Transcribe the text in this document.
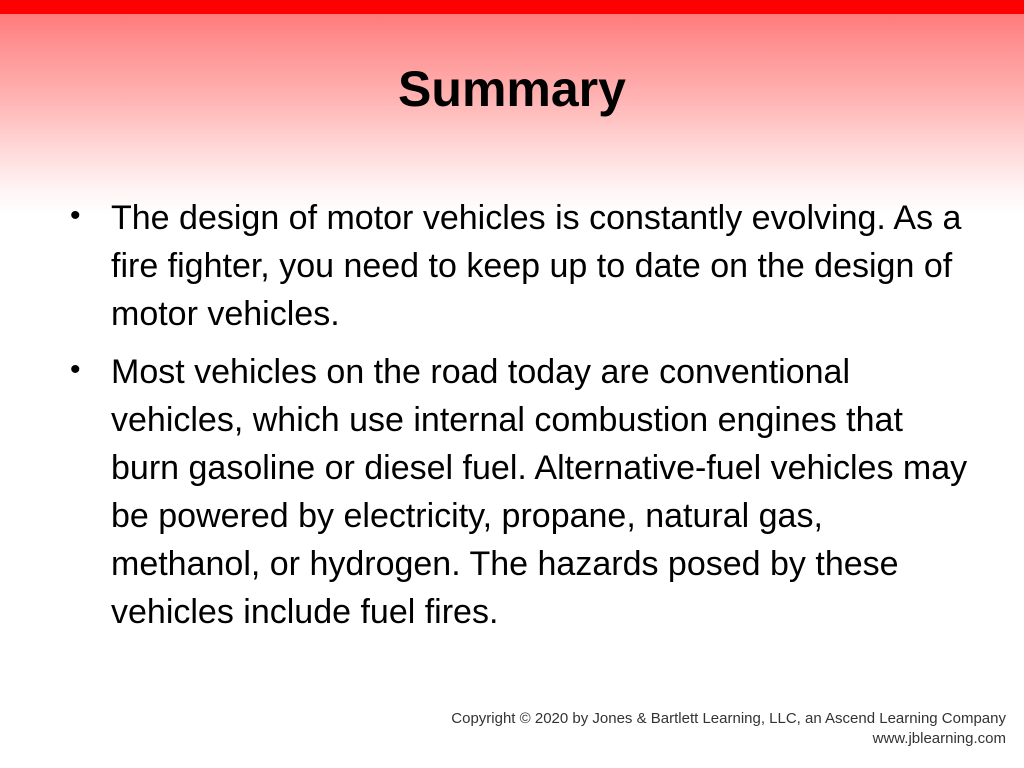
Summary
• The design of motor vehicles is constantly evolving. As a fire fighter, you need to keep up to date on the design of motor vehicles.
• Most vehicles on the road today are conventional vehicles, which use internal combustion engines that burn gasoline or diesel fuel. Alternative-fuel vehicles may be powered by electricity, propane, natural gas, methanol, or hydrogen. The hazards posed by these vehicles include fuel fires.
Copyright © 2020 by Jones & Bartlett Learning, LLC, an Ascend Learning Company
www.jblearning.com
